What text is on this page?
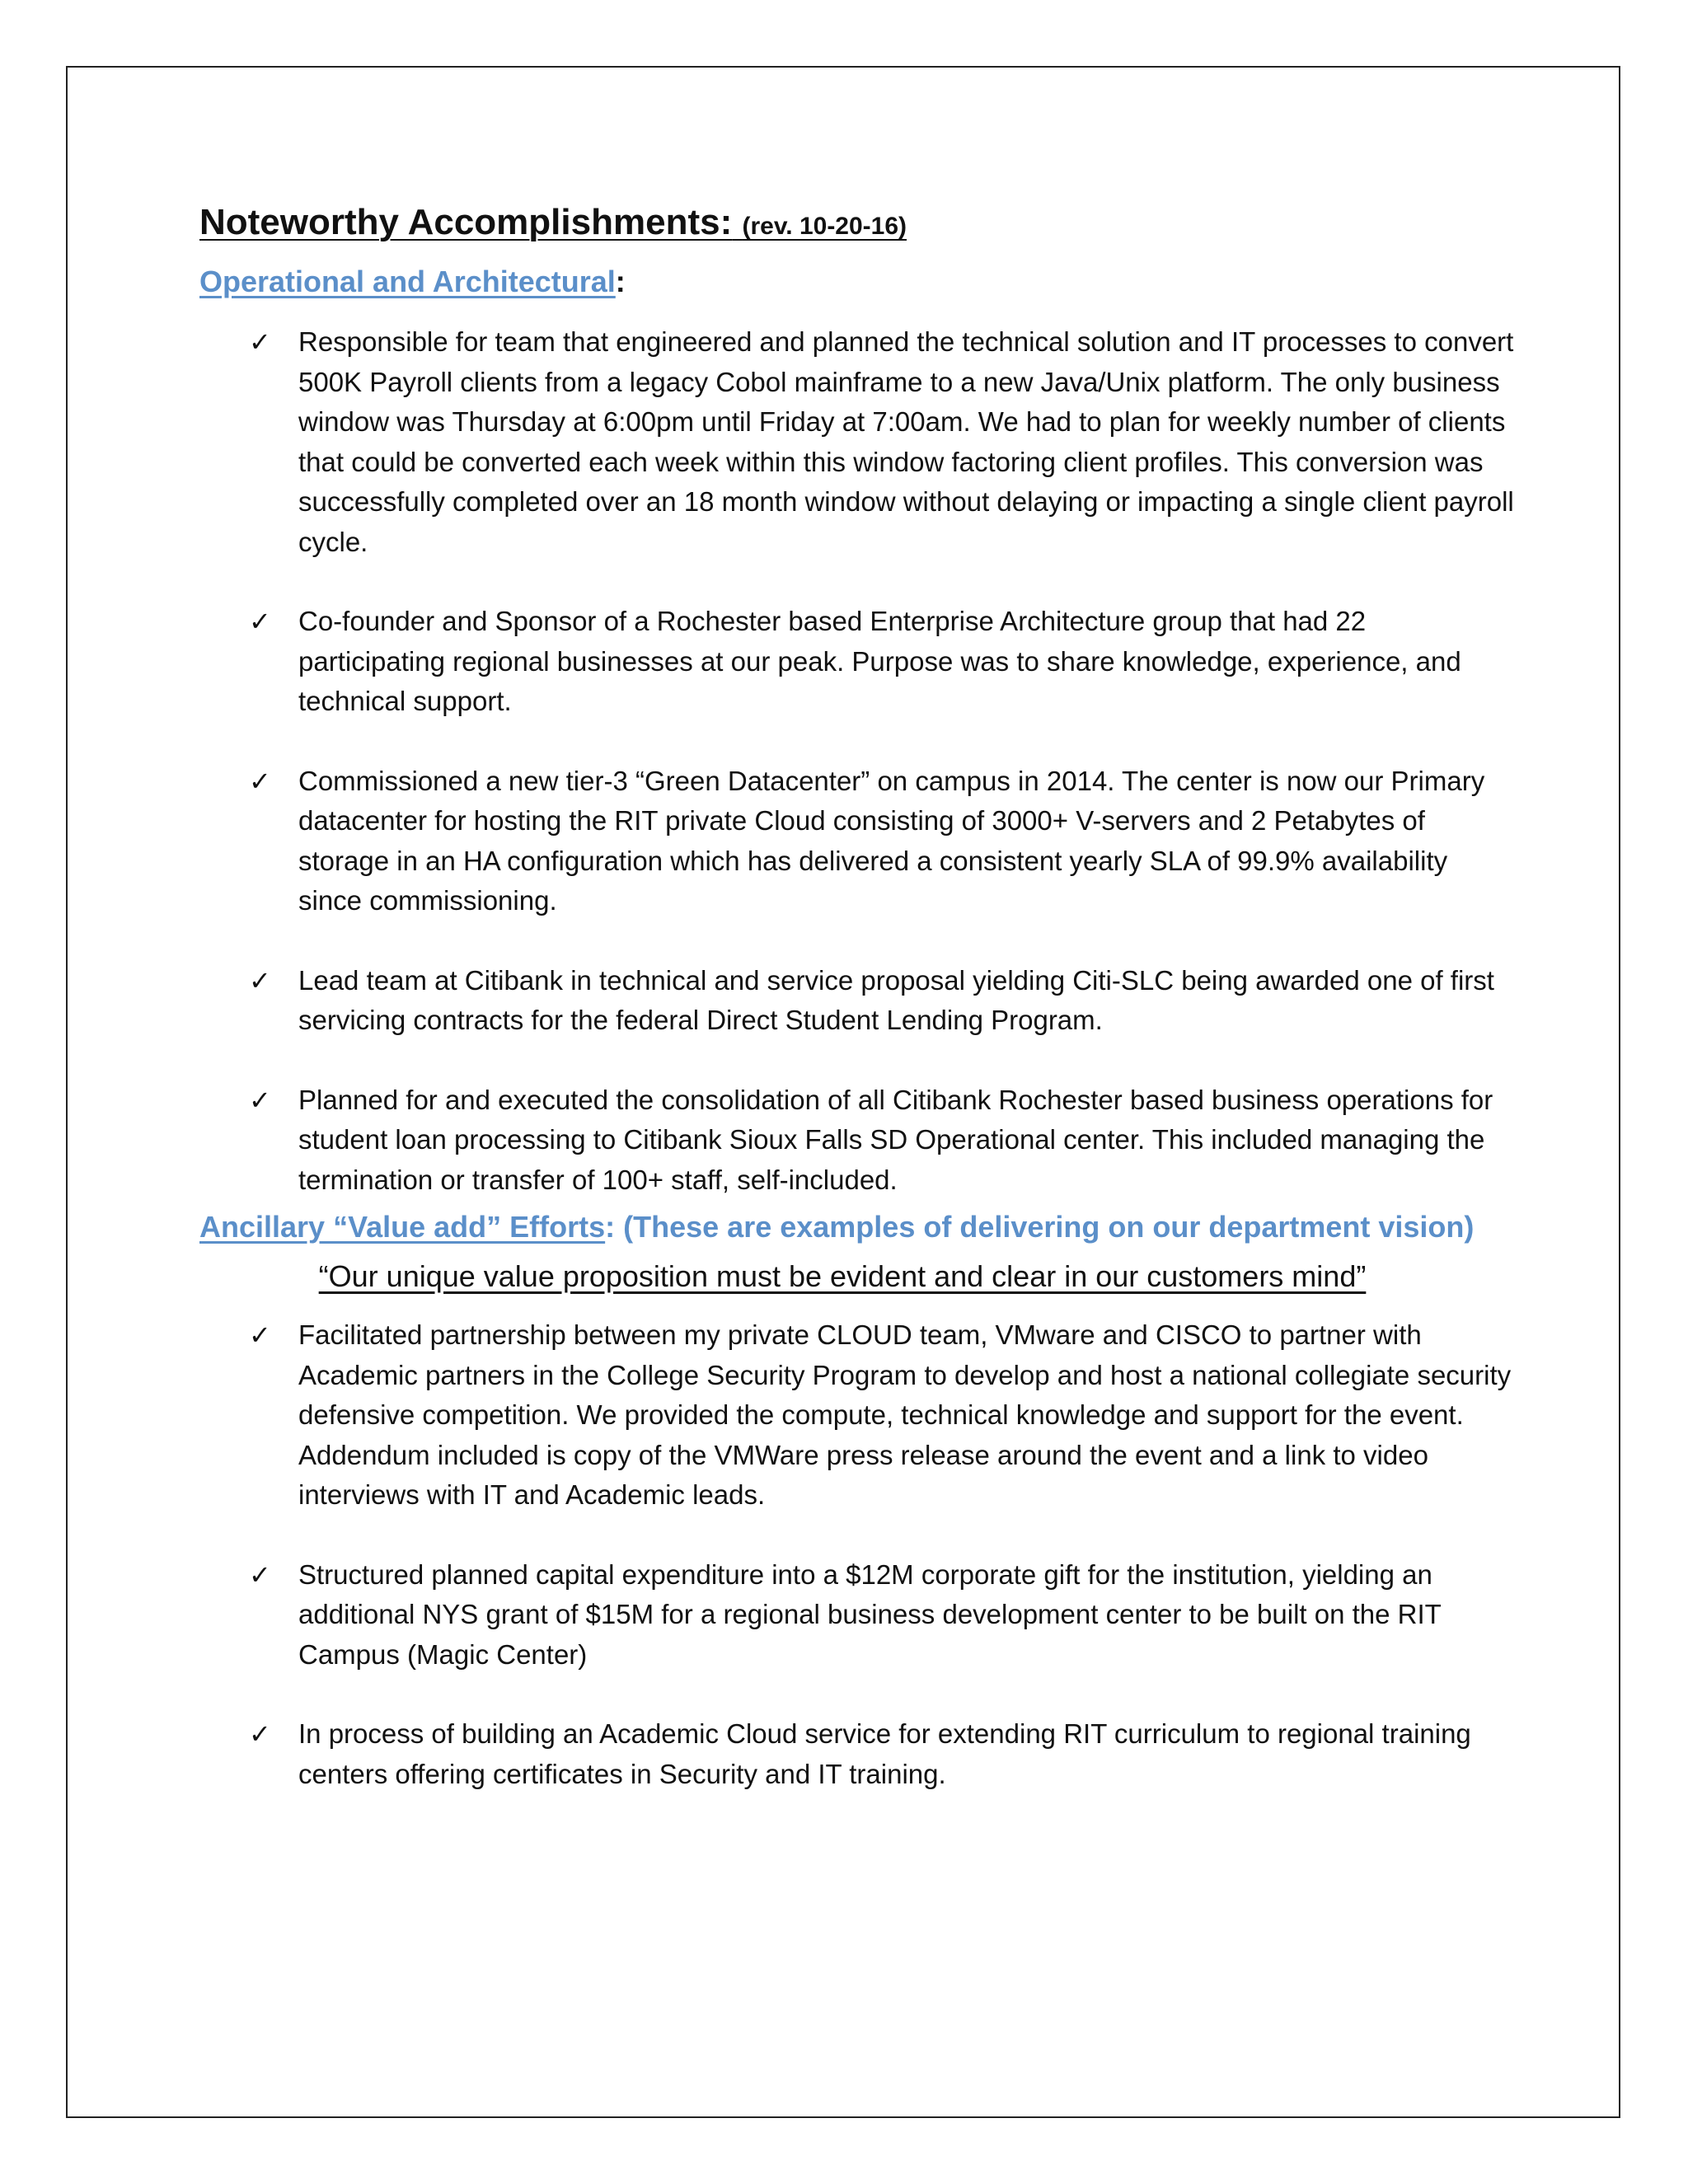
Noteworthy Accomplishments: (rev. 10-20-16)
Operational and Architectural:
✓ Responsible for team that engineered and planned the technical solution and IT processes to convert 500K Payroll clients from a legacy Cobol mainframe to a new Java/Unix platform. The only business window was Thursday at 6:00pm until Friday at 7:00am. We had to plan for weekly number of clients that could be converted each week within this window factoring client profiles. This conversion was successfully completed over an 18 month window without delaying or impacting a single client payroll cycle.
✓ Co-founder and Sponsor of a Rochester based Enterprise Architecture group that had 22 participating regional businesses at our peak. Purpose was to share knowledge, experience, and technical support.
✓ Commissioned a new tier-3 “Green Datacenter” on campus in 2014. The center is now our Primary datacenter for hosting the RIT private Cloud consisting of 3000+ V-servers and 2 Petabytes of storage in an HA configuration which has delivered a consistent yearly SLA of 99.9% availability since commissioning.
✓ Lead team at Citibank in technical and service proposal yielding Citi-SLC being awarded one of first servicing contracts for the federal Direct Student Lending Program.
✓ Planned for and executed the consolidation of all Citibank Rochester based business operations for student loan processing to Citibank Sioux Falls SD Operational center. This included managing the termination or transfer of 100+ staff, self-included.
Ancillary “Value add” Efforts: (These are examples of delivering on our department vision)
“Our unique value proposition must be evident and clear in our customers mind”
✓ Facilitated partnership between my private CLOUD team, VMware and CISCO to partner with Academic partners in the College Security Program to develop and host a national collegiate security defensive competition. We provided the compute, technical knowledge and support for the event. Addendum included is copy of the VMWare press release around the event and a link to video interviews with IT and Academic leads.
✓ Structured planned capital expenditure into a $12M corporate gift for the institution, yielding an additional NYS grant of $15M for a regional business development center to be built on the RIT Campus (Magic Center)
✓ In process of building an Academic Cloud service for extending RIT curriculum to regional training centers offering certificates in Security and IT training.
